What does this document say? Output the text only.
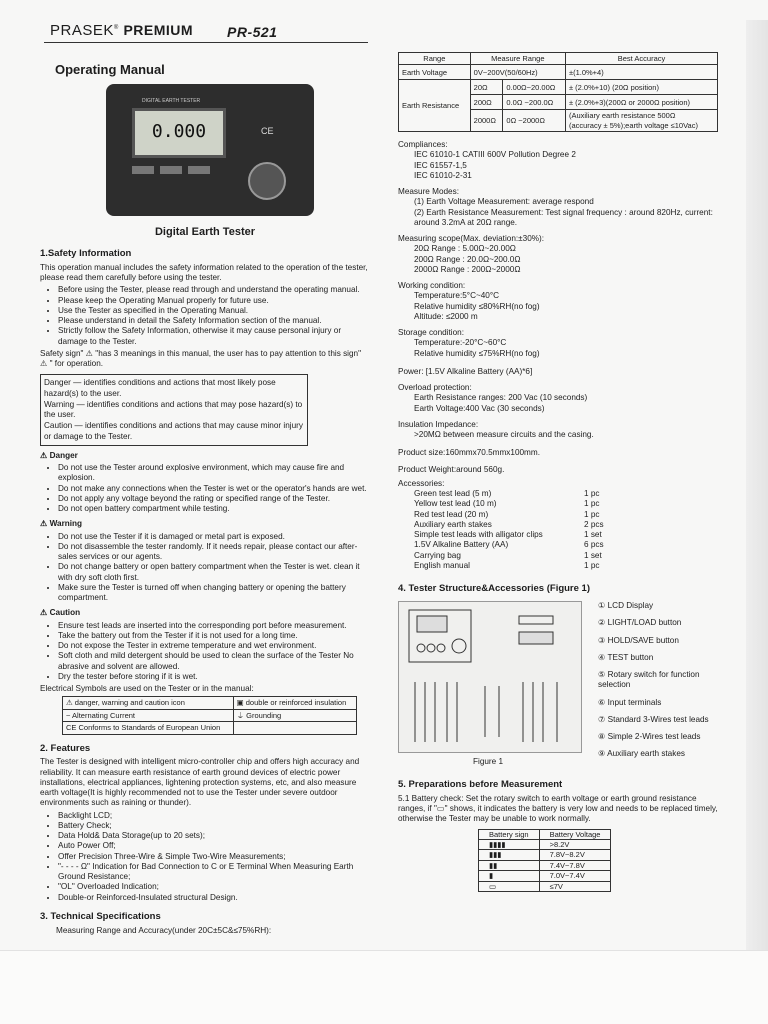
PRASEK® PREMIUM PR-521
Operating Manual
DIGITAL EARTH TESTER
0.000	CE
Digital Earth Tester
1.Safety Information

This operation manual includes the safety information related to the operation of the tester, please read them carefully before using the tester.

• Before using the Tester, please read through and understand the operating manual.
• Please keep the Operating Manual properly for future use.
• Use the Tester as specified in the Operating Manual.
• Please understand in detail the Safety Information section of the manual.
• Strictly follow the Safety Information, otherwise it may cause personal injury or damage to the Tester.

Safety sign" ⚠ "has 3 meanings in this manual, the user has to pay attention to this sign" ⚠ " for operation.

Danger — identifies conditions and actions that most likely pose hazard(s) to the user.
Warning — identifies conditions and actions that may pose hazard(s) to the user.
Caution — identifies conditions and actions that may cause minor injury or damage to the Tester.
⚠ Danger
• Do not use the Tester around explosive environment, which may cause fire and explosion.
• Do not make any connections when the Tester is wet or the operator's hands are wet.
• Do not apply any voltage beyond the rating or specified range of the Tester.
• Do not open battery compartment while testing.
⚠ Warning
• Do not use the Tester if it is damaged or metal part is exposed.
• Do not disassemble the tester randomly. If it needs repair, please contact our after-sales services or our agents.
• Do not change battery or open battery compartment when the Tester is wet. clean it with dry soft cloth first.
• Make sure the Tester is turned off when changing battery or opening the battery compartment.
⚠ Caution
• Ensure test leads are inserted into the corresponding port before measurement.
• Take the battery out from the Tester if it is not used for a long time.
• Do not expose the Tester in extreme temperature and wet environment.
• Soft cloth and mild detergent should be used to clean the surface of the Tester No abrasive and solvent are allowed.
• Dry the tester before storing if it is wet.

Electrical Symbols are used on the Tester or in the manual:

⚠ danger, warning and caution icon	▣ double or reinforced insulation
~ Alternating Current	⏚ Grounding
CE Conforms to Standards of European Union	
2. Features

The Tester is designed with intelligent micro-controller chip and offers high accuracy and reliability. It can measure earth resistance of earth ground devices of electric power installations, electrical appliances, lightening protection systems, etc, and also measure earth voltage(It is highly recommended not to use the Tester under severe outdoor environments such as raining or thunder).

• Backlight LCD;
• Battery Check;
• Data Hold& Data Storage(up to 20 sets);
• Auto Power Off;
• Offer Precision Three-Wire & Simple Two-Wire Measurements;
• "- - - - Ω" Indication for Bad Connection to C or E Terminal When Measuring Earth Ground Resistance;
• "OL" Overloaded Indication;
• Double-or Reinforced-Insulated structural Design.
3. Technical Specifications

Measuring Range and Accuracy(under 20C±5C&≤75%RH):

Range	Measure Range		Best Accuracy
Earth Voltage	0V~200V(50/60Hz)		±(1.0%+4)
Earth Resistance	20Ω	0.00Ω~20.00Ω	± (2.0%+10) (20Ω position)
	200Ω	0.0Ω ~200.0Ω	± (2.0%+3)(200Ω or 2000Ω position)
	2000Ω	0Ω ~2000Ω	(Auxiliary earth resistance 500Ω
(accuracy ± 5%);earth voltage ≤10Vac)
Compliances:
IEC 61010-1 CATIII 600V Pollution Degree 2
IEC 61557-1,5
IEC 61010-2-31
Measure Modes:
(1) Earth Voltage Measurement: average respond
(2) Earth Resistance Measurement: Test signal frequency : around 820Hz, current: around 3.2mA at 20Ω range.
Measuring scope(Max. deviation:±30%):
20Ω Range : 5.00Ω~20.00Ω
200Ω Range : 20.0Ω~200.0Ω
2000Ω Range : 200Ω~2000Ω
Working condition:
Temperature:5°C~40°C
Relative humidity ≤80%RH(no fog)
Altitude: ≤2000 m
Storage condition:
Temperature:-20°C~60°C
Relative humidity ≤75%RH(no fog)
Power: [1.5V Alkaline Battery (AA)*6]
Overload protection:
Earth Resistance ranges: 200 Vac (10 seconds)
Earth Voltage:400 Vac (30 seconds)
Insulation Impedance:
>20MΩ between measure circuits and the casing.
Product size:160mmx70.5mmx100mm.
Product Weight:around 560g.
Accessories:
Green test lead (5 m)	1 pc
Yellow test lead (10 m)	1 pc
Red test lead (20 m)	1 pc
Auxiliary earth stakes	2 pcs
Simple test leads with alligator clips	1 set
1.5V Alkaline Battery (AA)	6 pcs
Carrying bag	1 set
English manual	1 pc
4. Tester Structure&Accessories (Figure 1)
① LCD Display
② LIGHT/LOAD button
③ HOLD/SAVE button
④ TEST button
⑤ Rotary switch for function selection
⑥ Input terminals
⑦ Standard 3-Wires test leads
⑧ Simple 2-Wires test leads
⑨ Auxiliary earth stakes
Figure 1
5. Preparations before Measurement

5.1 Battery check: Set the rotary switch to earth voltage or earth ground resistance ranges, if "▭" shows, it indicates the battery is very low and needs to be replaced timely, otherwise the Tester may be unable to work normally.

Battery sign	Battery Voltage
▮▮▮▮	>8.2V
▮▮▮	7.8V~8.2V
▮▮	7.4V~7.8V
▮	7.0V~7.4V
▭	≤7V
